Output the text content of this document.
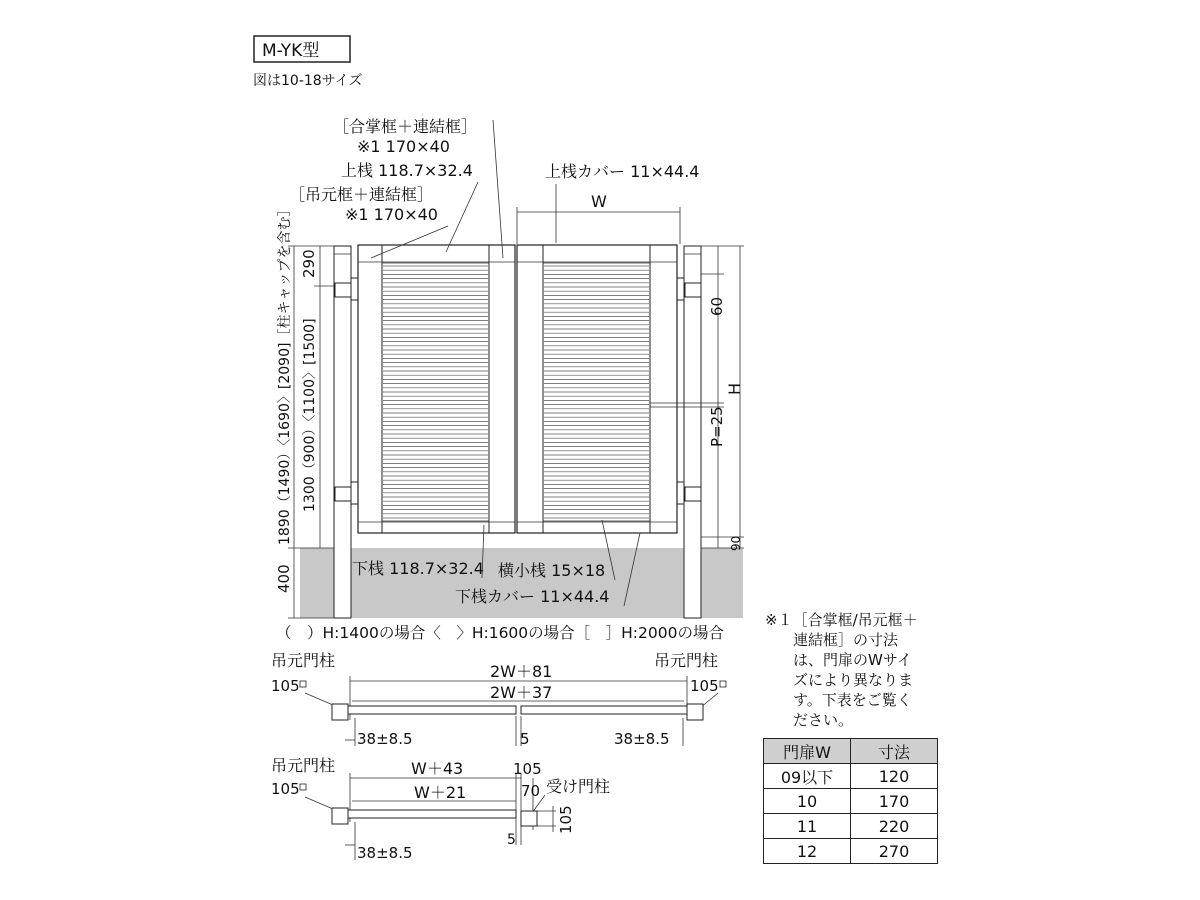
M-YK型
図は10-18サイズ
［合掌框＋連結框］
※1 170×40
上桟 118.7×32.4
［吊元框＋連結框］
※1 170×40
上桟カバー 11×44.4
W
下桟 118.7×32.4 横小桟 15×18
下桟カバー 11×44.4
290
1890（1490）〈1690〉[2090]［柱キャップを含む］ 1300（900）〈1100〉[1500]
400
60
H
P=25
90
（　）H:1400の場合〈　〉H:1600の場合［　］H:2000の場合
吊元門柱	吊元門柱
105	105
2W＋81
2W＋37
38±8.5	5	38±8.5
吊元門柱
105
W＋43
W＋21
105
70 受け門柱
105
5
38±8.5
※１［合掌框/吊元框＋
連結框］の寸法
は、門扉のWサイ
ズにより異なりま
す。下表をご覧く
ださい。
門扉W	寸法
09以下	120
10	170
11	220
12	270
